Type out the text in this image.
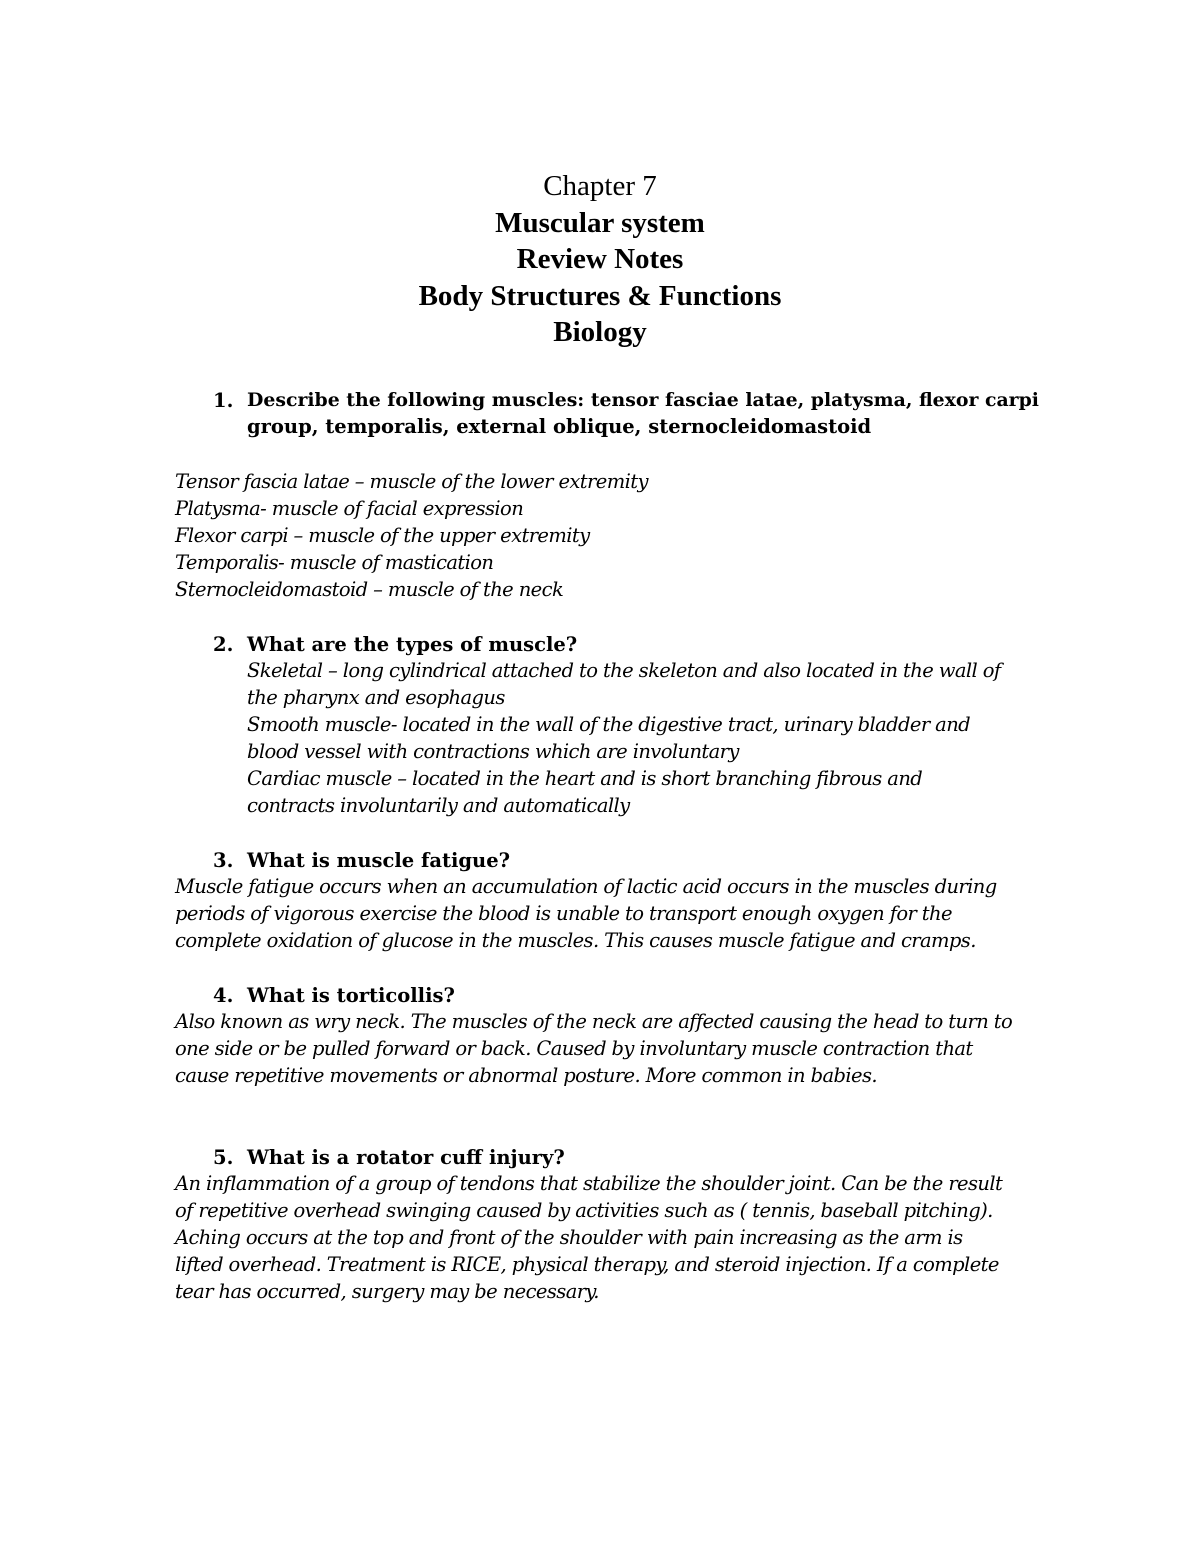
Chapter 7
Muscular system
Review Notes
Body Structures & Functions
Biology
1. Describe the following muscles: tensor fasciae latae, platysma, flexor carpi
group, temporalis, external oblique, sternocleidomastoid
Tensor fascia latae – muscle of the lower extremity
Platysma- muscle of facial expression
Flexor carpi – muscle of the upper extremity
Temporalis- muscle of mastication
Sternocleidomastoid – muscle of the neck
2. What are the types of muscle?
Skeletal – long cylindrical attached to the skeleton and also located in the wall of
the pharynx and esophagus
Smooth muscle- located in the wall of the digestive tract, urinary bladder and
blood vessel with contractions which are involuntary
Cardiac muscle – located in the heart and is short branching fibrous and
contracts involuntarily and automatically
3. What is muscle fatigue?
Muscle fatigue occurs when an accumulation of lactic acid occurs in the muscles during
periods of vigorous exercise the blood is unable to transport enough oxygen for the
complete oxidation of glucose in the muscles. This causes muscle fatigue and cramps.
4. What is torticollis?
Also known as wry neck. The muscles of the neck are affected causing the head to turn to
one side or be pulled forward or back. Caused by involuntary muscle contraction that
cause repetitive movements or abnormal posture. More common in babies.
5. What is a rotator cuff injury?
An inflammation of a group of tendons that stabilize the shoulder joint. Can be the result
of repetitive overhead swinging caused by activities such as ( tennis, baseball pitching).
Aching occurs at the top and front of the shoulder with pain increasing as the arm is
lifted overhead. Treatment is RICE, physical therapy, and steroid injection. If a complete
tear has occurred, surgery may be necessary.
